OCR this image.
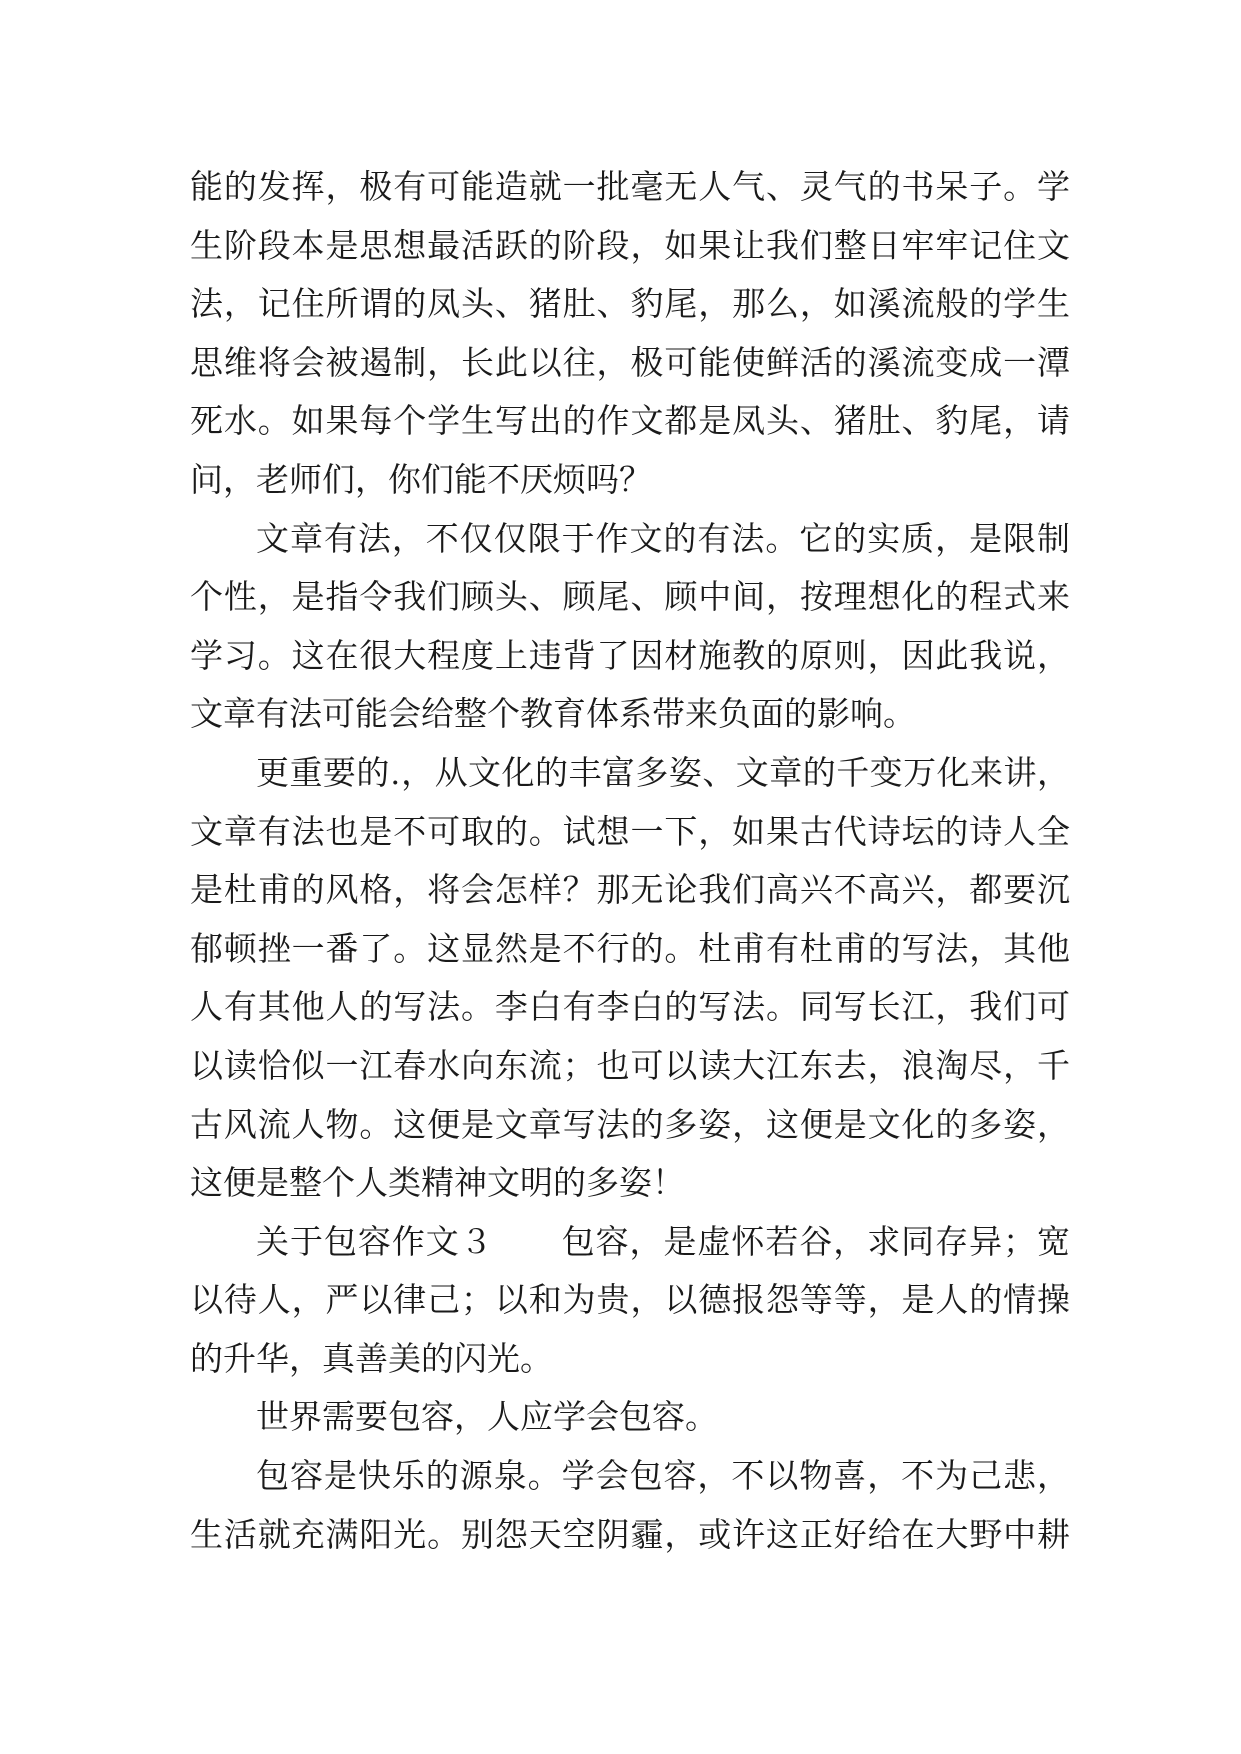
能的发挥，极有可能造就一批毫无人气、灵气的书呆子。学
生阶段本是思想最活跃的阶段，如果让我们整日牢牢记住文
法，记住所谓的凤头、猪肚、豹尾，那么，如溪流般的学生
思维将会被遏制，长此以往，极可能使鲜活的溪流变成一潭
死水。如果每个学生写出的作文都是凤头、猪肚、豹尾，请
问，老师们，你们能不厌烦吗？
文章有法，不仅仅限于作文的有法。它的实质，是限制
个性，是指令我们顾头、顾尾、顾中间，按理想化的程式来
学习。这在很大程度上违背了因材施教的原则，因此我说，
文章有法可能会给整个教育体系带来负面的影响。
更重要的.，从文化的丰富多姿、文章的千变万化来讲，
文章有法也是不可取的。试想一下，如果古代诗坛的诗人全
是杜甫的风格，将会怎样？那无论我们高兴不高兴，都要沉
郁顿挫一番了。这显然是不行的。杜甫有杜甫的写法，其他
人有其他人的写法。李白有李白的写法。同写长江，我们可
以读恰似一江春水向东流；也可以读大江东去，浪淘尽，千
古风流人物。这便是文章写法的多姿，这便是文化的多姿，
这便是整个人类精神文明的多姿！
关于包容作文３　　包容，是虚怀若谷，求同存异；宽
以待人，严以律己；以和为贵，以德报怨等等，是人的情操
的升华，真善美的闪光。
世界需要包容，人应学会包容。
包容是快乐的源泉。学会包容，不以物喜，不为己悲，
生活就充满阳光。别怨天空阴霾，或许这正好给在大野中耕
